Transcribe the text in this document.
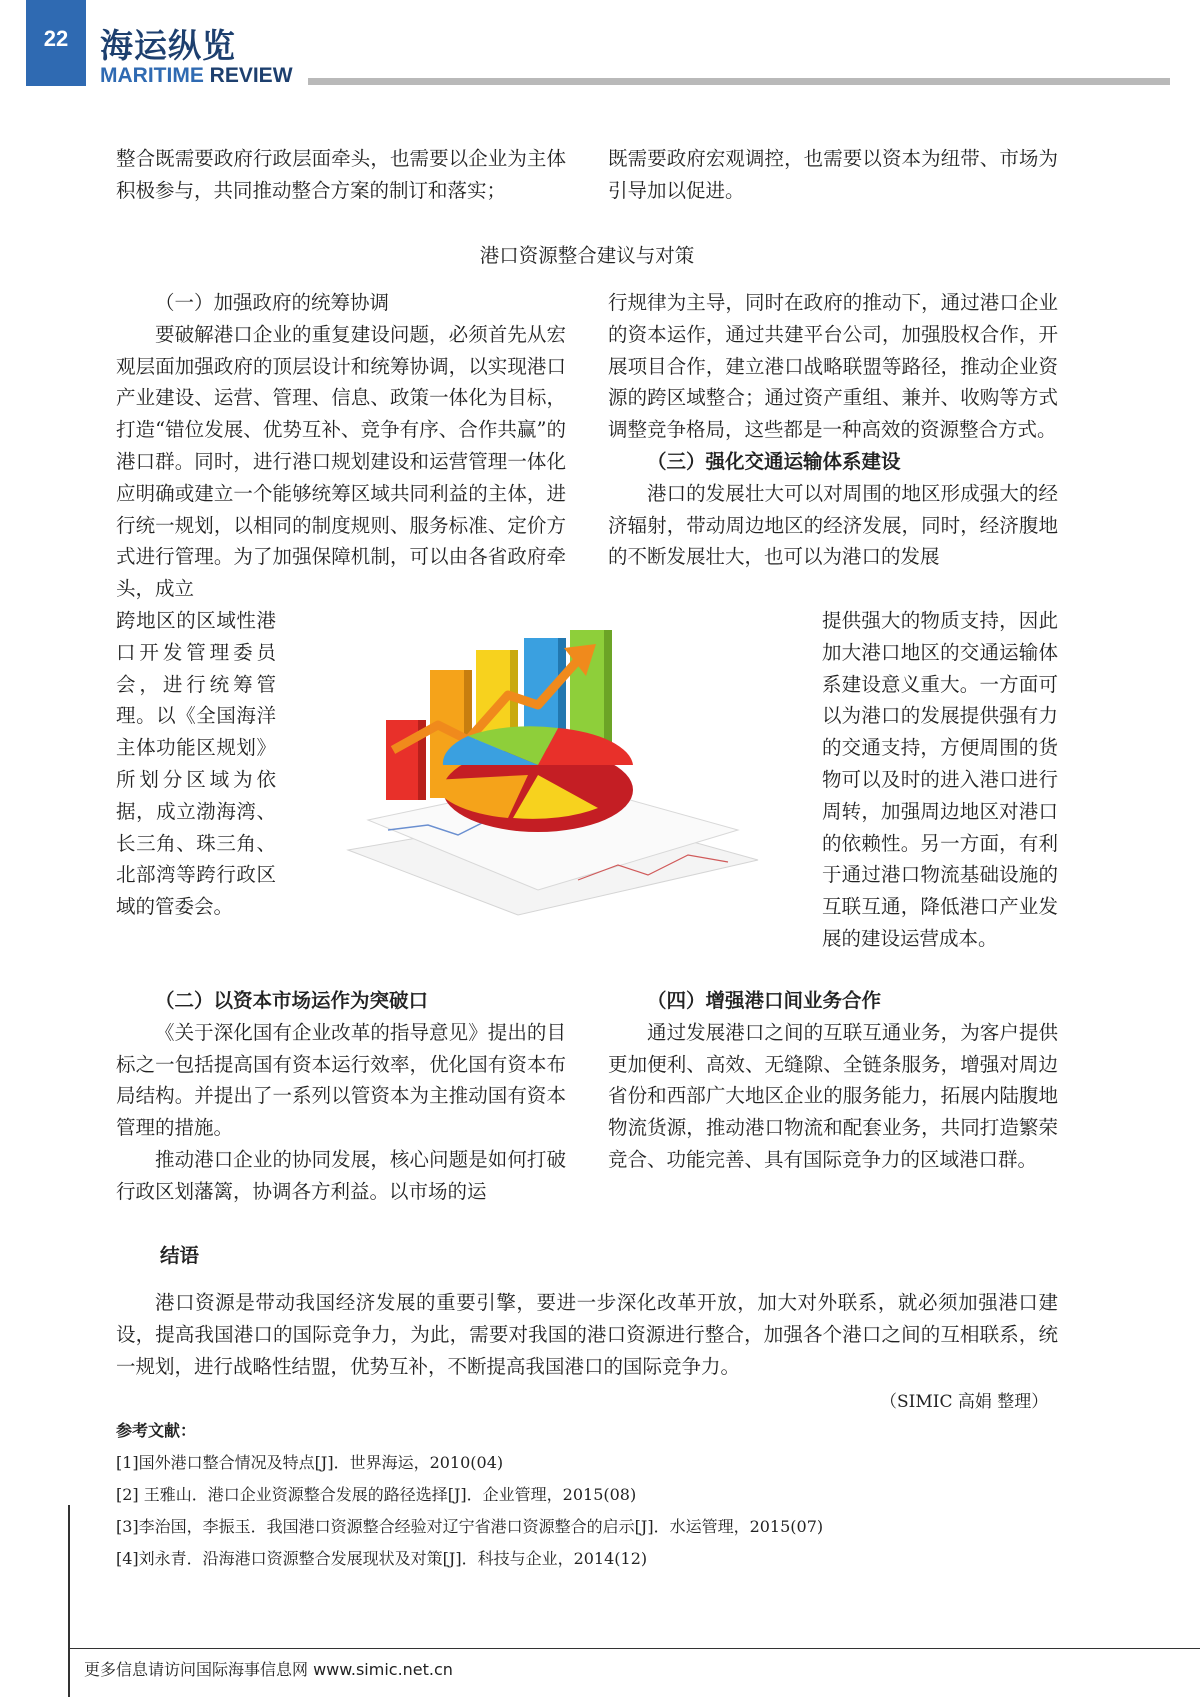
22 海运纵览
MARITIME REVIEW

整合既需要政府行政层面牵头，也需要以企业为主体积极参与，共同推动整合方案的制订和落实；

既需要政府宏观调控，也需要以资本为纽带、市场为引导加以促进。

港口资源整合建议与对策

（一）加强政府的统筹协调

要破解港口企业的重复建设问题，必须首先从宏观层面加强政府的顶层设计和统筹协调，以实现港口产业建设、运营、管理、信息、政策一体化为目标，打造“错位发展、优势互补、竞争有序、合作共赢”的港口群。同时，进行港口规划建设和运营管理一体化应明确或建立一个能够统筹区域共同利益的主体，进行统一规划，以相同的制度规则、服务标准、定价方式进行管理。为了加强保障机制，可以由各省政府牵头，成立

跨地区的区域性港口开发管理委员会，进行统筹管理。以《全国海洋主体功能区规划》所划分区域为依据，成立渤海湾、长三角、珠三角、北部湾等跨行政区域的管委会。

行规律为主导，同时在政府的推动下，通过港口企业的资本运作，通过共建平台公司，加强股权合作，开展项目合作，建立港口战略联盟等路径，推动企业资源的跨区域整合；通过资产重组、兼并、收购等方式调整竞争格局，这些都是一种高效的资源整合方式。

（三）强化交通运输体系建设

港口的发展壮大可以对周围的地区形成强大的经济辐射，带动周边地区的经济发展，同时，经济腹地的不断发展壮大，也可以为港口的发展

提供强大的物质支持，因此加大港口地区的交通运输体系建设意义重大。一方面可以为港口的发展提供强有力的交通支持，方便周围的货物可以及时的进入港口进行周转，加强周边地区对港口的依赖性。另一方面，有利于通过港口物流基础设施的互联互通，降低港口产业发展的建设运营成本。

（二）以资本市场运作为突破口

《关于深化国有企业改革的指导意见》提出的目标之一包括提高国有资本运行效率，优化国有资本布局结构。并提出了一系列以管资本为主推动国有资本管理的措施。

推动港口企业的协同发展，核心问题是如何打破行政区划藩篱，协调各方利益。以市场的运

（四）增强港口间业务合作

通过发展港口之间的互联互通业务，为客户提供更加便利、高效、无缝隙、全链条服务，增强对周边省份和西部广大地区企业的服务能力，拓展内陆腹地物流货源，推动港口物流和配套业务，共同打造繁荣竞合、功能完善、具有国际竞争力的区域港口群。

结语

港口资源是带动我国经济发展的重要引擎，要进一步深化改革开放，加大对外联系，就必须加强港口建设，提高我国港口的国际竞争力，为此，需要对我国的港口资源进行整合，加强各个港口之间的互相联系，统一规划，进行战略性结盟，优势互补，不断提高我国港口的国际竞争力。

（SIMIC 高娟 整理）

参考文献：

[1]国外港口整合情况及特点[J]．世界海运，2010(04)

[2] 王雅山．港口企业资源整合发展的路径选择[J]．企业管理，2015(08)

[3]李治国，李振玉．我国港口资源整合经验对辽宁省港口资源整合的启示[J]．水运管理，2015(07)

[4]刘永青．沿海港口资源整合发展现状及对策[J]．科技与企业，2014(12)

更多信息请访问国际海事信息网 www.simic.net.cn
